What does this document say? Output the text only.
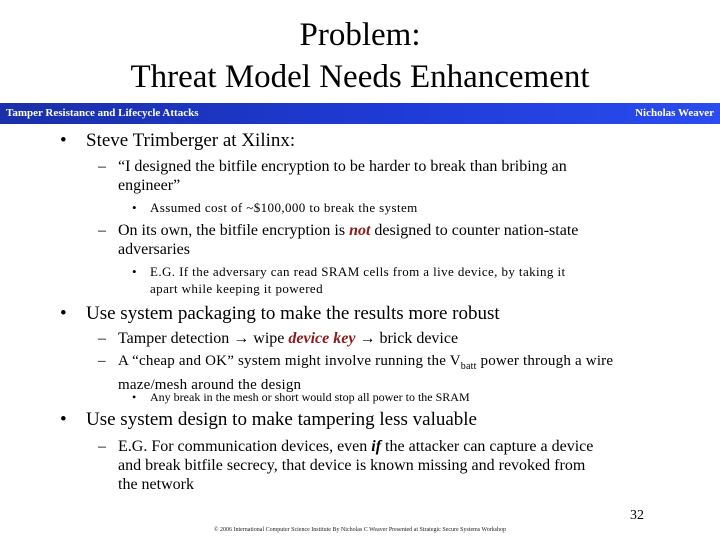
Problem:
Threat Model Needs Enhancement
Tamper Resistance and Lifecycle Attacks	Nicholas Weaver
• Steve Trimberger at Xilinx:
– “I designed the bitfile encryption to be harder to break than bribing an
engineer”
• Assumed cost of ~$100,000 to break the system
– On its own, the bitfile encryption is not designed to counter nation-state
adversaries
• E.G. If the adversary can read SRAM cells from a live device, by taking it
apart while keeping it powered
• Use system packaging to make the results more robust
– Tamper detection → wipe device key → brick device
– A “cheap and OK” system might involve running the $V_{batt}$ power through a wire
maze/mesh around the design
• Any break in the mesh or short would stop all power to the SRAM
• Use system design to make tampering less valuable
– E.G. For communication devices, even if the attacker can capture a device
and break bitfile secrecy, that device is known missing and revoked from
the network
32
© 2006 International Computer Science Institute By Nicholas C Weaver Presented at Strategic Secure Systems Workshop
